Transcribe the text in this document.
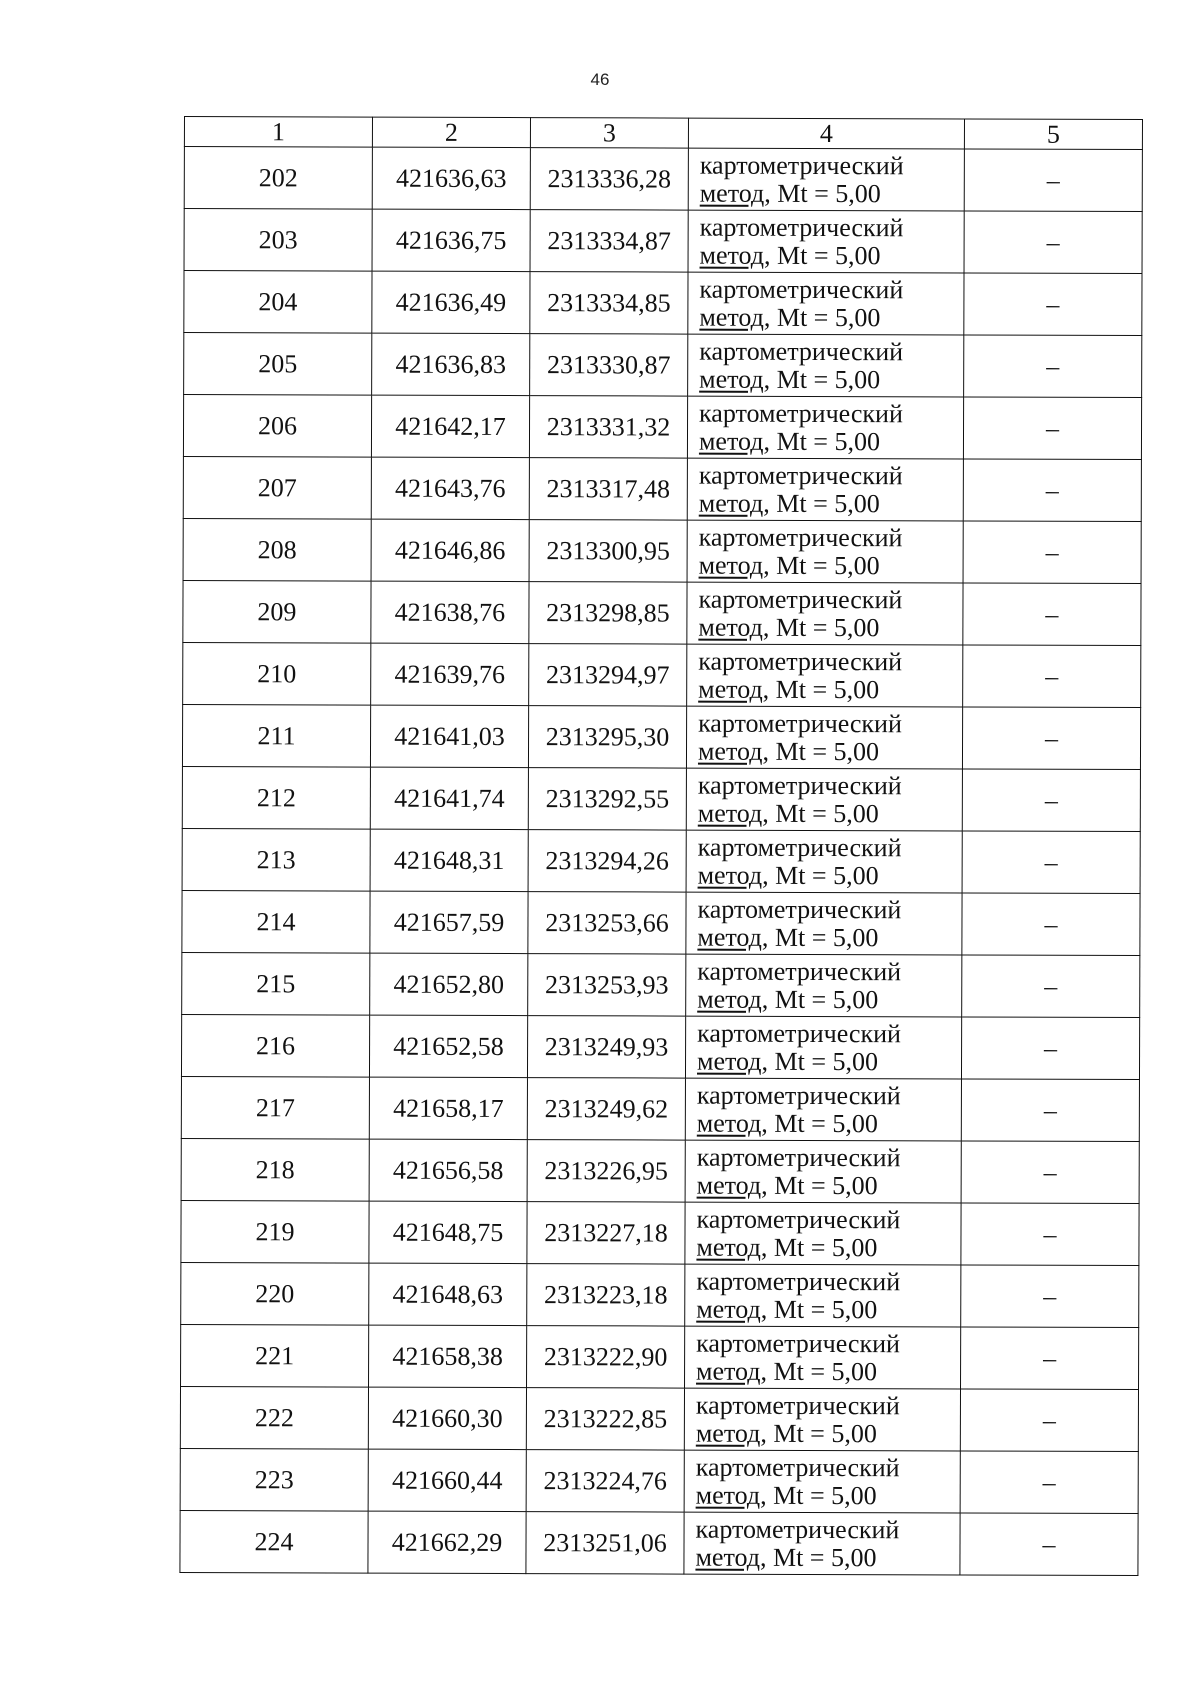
46
1	2	3	4	5
202	421636,63	2313336,28	картометрический
метод, Mt = 5,00	–
203	421636,75	2313334,87	картометрический
метод, Mt = 5,00	–
204	421636,49	2313334,85	картометрический
метод, Mt = 5,00	–
205	421636,83	2313330,87	картометрический
метод, Mt = 5,00	–
206	421642,17	2313331,32	картометрический
метод, Mt = 5,00	–
207	421643,76	2313317,48	картометрический
метод, Mt = 5,00	–
208	421646,86	2313300,95	картометрический
метод, Mt = 5,00	–
209	421638,76	2313298,85	картометрический
метод, Mt = 5,00	–
210	421639,76	2313294,97	картометрический
метод, Mt = 5,00	–
211	421641,03	2313295,30	картометрический
метод, Mt = 5,00	–
212	421641,74	2313292,55	картометрический
метод, Mt = 5,00	–
213	421648,31	2313294,26	картометрический
метод, Mt = 5,00	–
214	421657,59	2313253,66	картометрический
метод, Mt = 5,00	–
215	421652,80	2313253,93	картометрический
метод, Mt = 5,00	–
216	421652,58	2313249,93	картометрический
метод, Mt = 5,00	–
217	421658,17	2313249,62	картометрический
метод, Mt = 5,00	–
218	421656,58	2313226,95	картометрический
метод, Mt = 5,00	–
219	421648,75	2313227,18	картометрический
метод, Mt = 5,00	–
220	421648,63	2313223,18	картометрический
метод, Mt = 5,00	–
221	421658,38	2313222,90	картометрический
метод, Mt = 5,00	–
222	421660,30	2313222,85	картометрический
метод, Mt = 5,00	–
223	421660,44	2313224,76	картометрический
метод, Mt = 5,00	–
224	421662,29	2313251,06	картометрический
метод, Mt = 5,00	–
